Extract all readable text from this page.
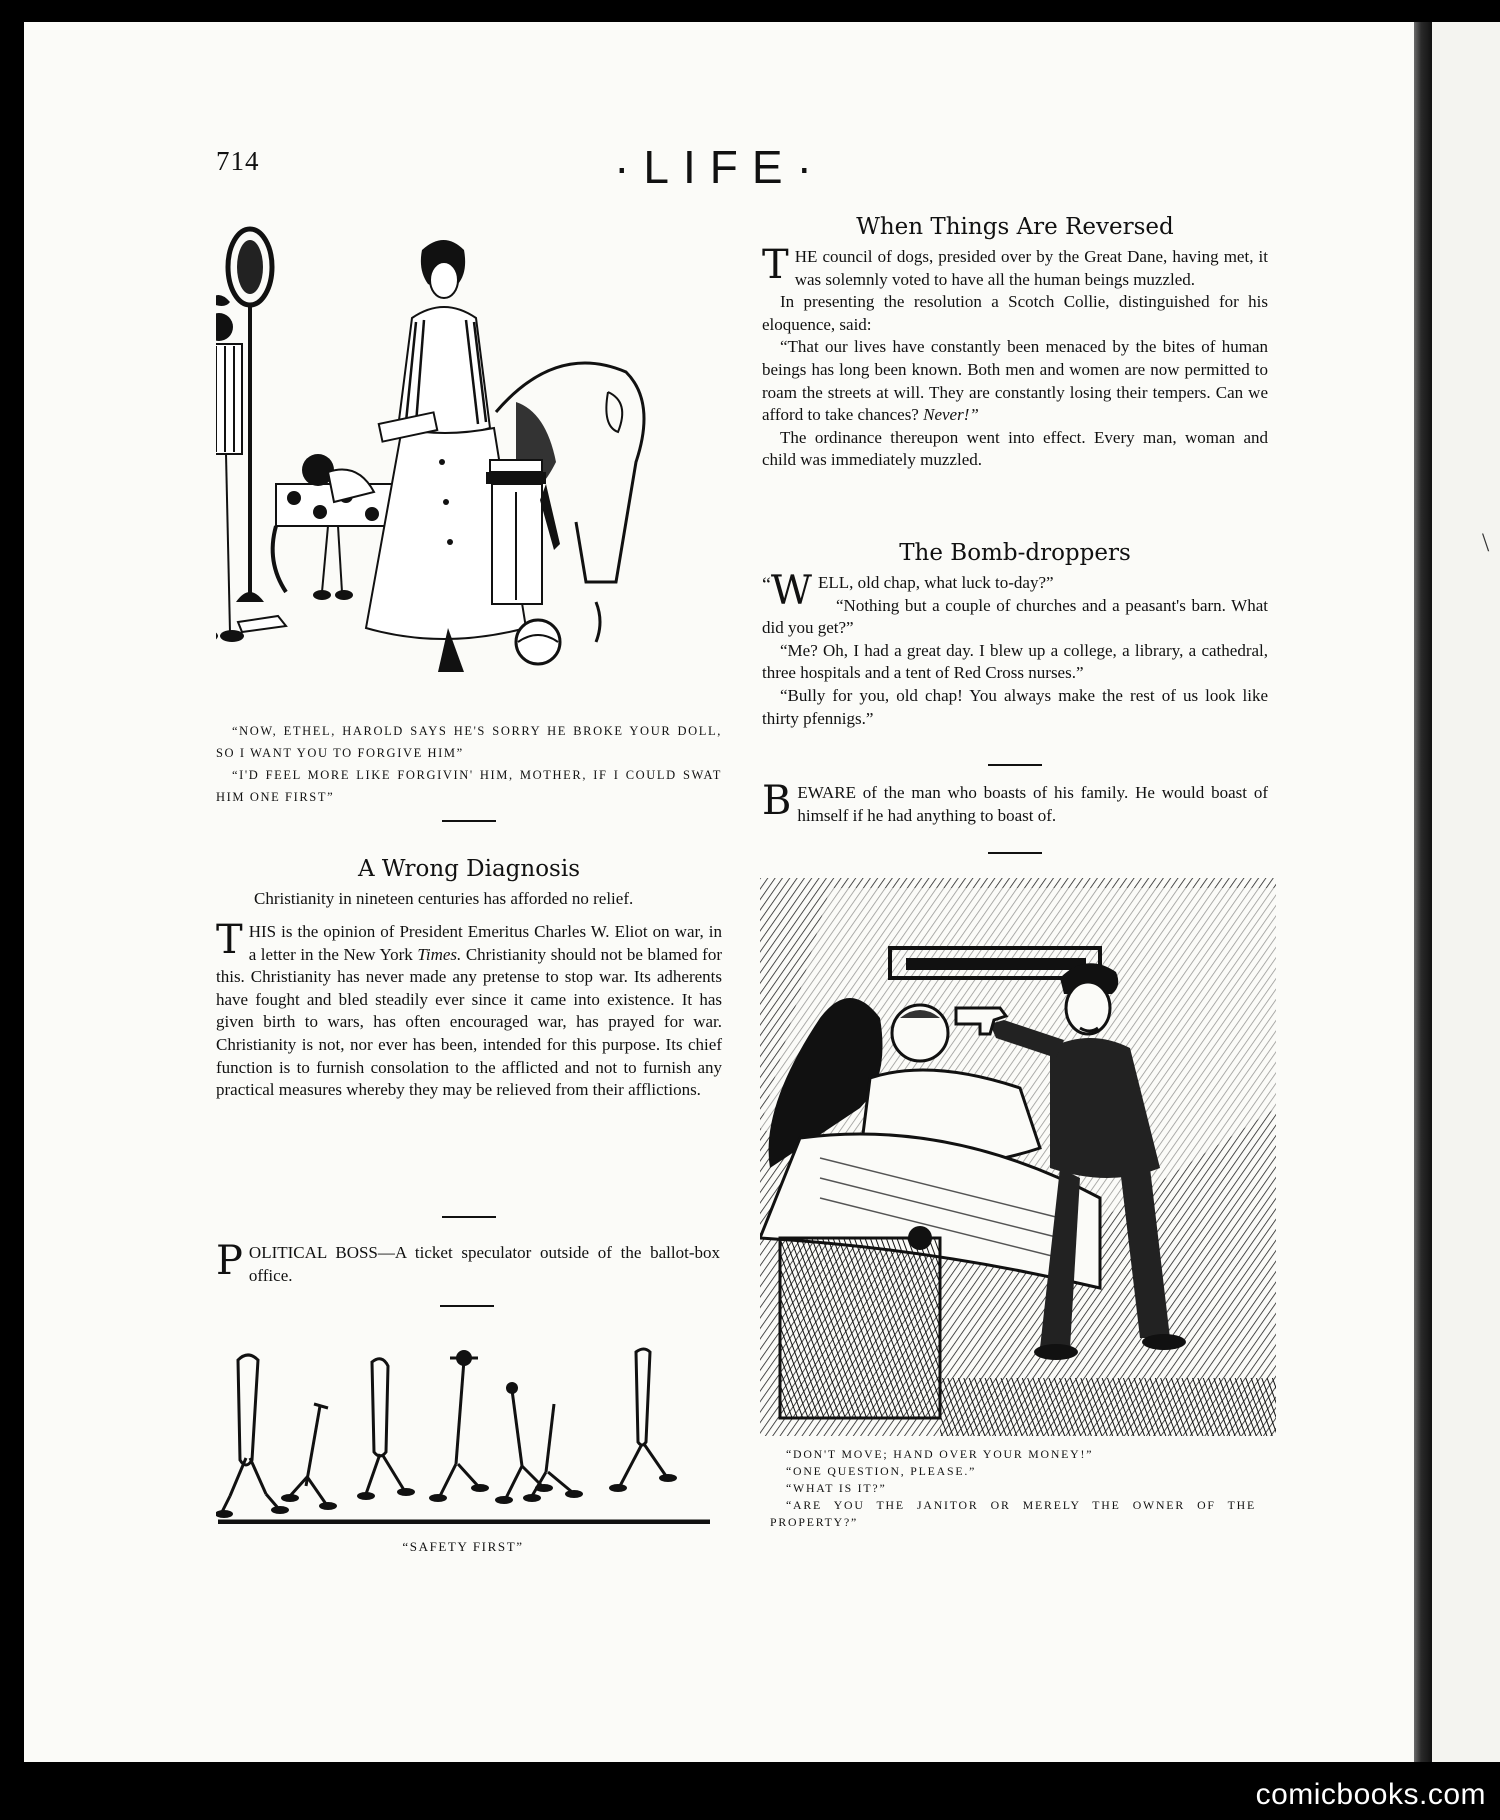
\
714	·LIFE·

“NOW, ETHEL, HAROLD SAYS HE'S SORRY HE BROKE YOUR DOLL, SO I WANT YOU TO FORGIVE HIM”

“I'D FEEL MORE LIKE FORGIVIN' HIM, MOTHER, IF I COULD SWAT HIM ONE FIRST”

A Wrong Diagnosis
Christianity in nineteen centuries has afforded no relief.
THIS is the opinion of President Emeritus Charles W. Eliot on war, in a letter in the New York Times. Christianity should not be blamed for this. Christianity has never made any pretense to stop war. Its adherents have fought and bled steadily ever since it came into existence. It has given birth to wars, has often encouraged war, has prayed for war. Christianity is not, nor ever has been, intended for this purpose. Its chief function is to furnish consolation to the afflicted and not to furnish any practical measures whereby they may be relieved from their afflictions.
POLITICAL BOSS—A ticket speculator outside of the ballot-box office.
“SAFETY FIRST”
When Things Are Reversed

THE council of dogs, presided over by the Great Dane, having met, it was solemnly voted to have all the human beings muzzled.

In presenting the resolution a Scotch Collie, distinguished for his eloquence, said:

“That our lives have constantly been menaced by the bites of human beings has long been known. Both men and women are now permitted to roam the streets at will. They are constantly losing their tempers. Can we afford to take chances? Never!”

The ordinance thereupon went into effect. Every man, woman and child was immediately muzzled.

The Bomb-droppers

“ W ELL, old chap, what luck to-day?”

“Nothing but a couple of churches and a peasant's barn. What did you get?”

“Me? Oh, I had a great day. I blew up a college, a library, a cathedral, three hospitals and a tent of Red Cross nurses.”

“Bully for you, old chap! You always make the rest of us look like thirty pfennigs.”

BEWARE of the man who boasts of his family. He would boast of himself if he had anything to boast of.

“DON'T MOVE; HAND OVER YOUR MONEY!”

“ONE QUESTION, PLEASE.”

“WHAT IS IT?”

“ARE YOU THE JANITOR OR MERELY THE OWNER OF THE PROPERTY?”

comicbooks.com
